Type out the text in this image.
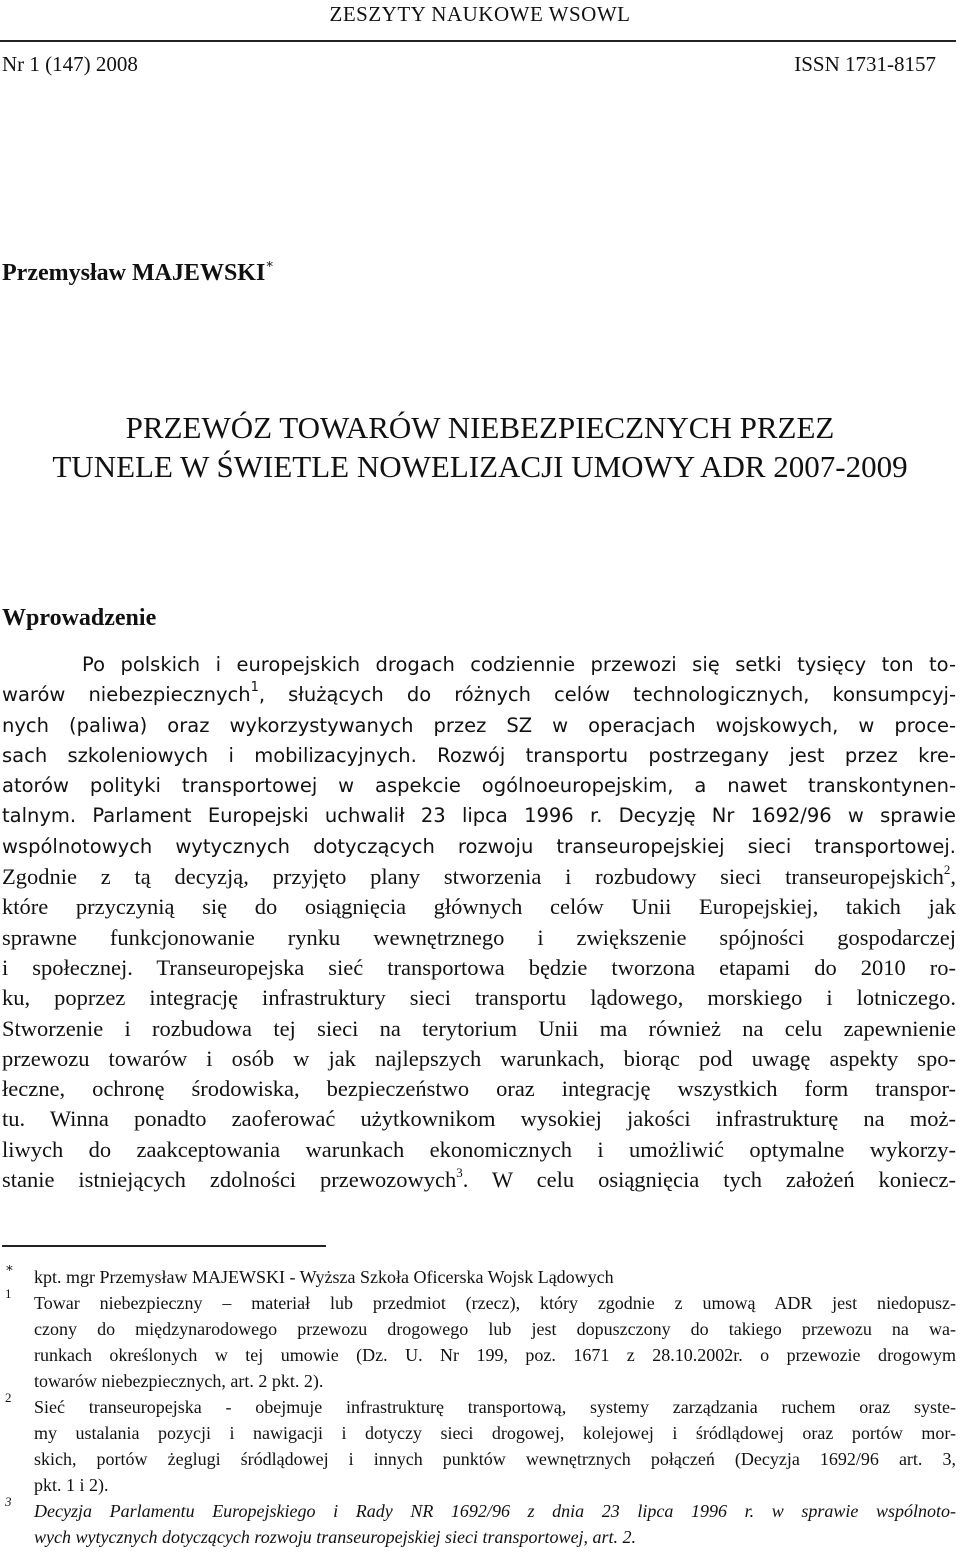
ZESZYTY NAUKOWE WSOWL
Nr 1 (147) 2008	ISSN 1731-8157
Przemysław MAJEWSKI∗
PRZEWÓZ TOWARÓW NIEBEZPIECZNYCH PRZEZ
TUNELE W ŚWIETLE NOWELIZACJI UMOWY ADR 2007-2009
Wprowadzenie
Po polskich i europejskich drogach codziennie przewozi się setki tysięcy ton to-
warów niebezpiecznych$^1$, służących do różnych celów technologicznych, konsumpcyj-
nych (paliwa) oraz wykorzystywanych przez SZ w operacjach wojskowych, w proce-
sach szkoleniowych i mobilizacyjnych. Rozwój transportu postrzegany jest przez kre-
atorów polityki transportowej w aspekcie ogólnoeuropejskim, a nawet transkontynen-
talnym. Parlament Europejski uchwalił 23 lipca 1996 r. Decyzję Nr 1692/96 w sprawie
wspólnotowych wytycznych dotyczących rozwoju transeuropejskiej sieci transportowej.
Zgodnie z tą decyzją, przyjęto plany stworzenia i rozbudowy sieci transeuropejskich$^2$,
które przyczynią się do osiągnięcia głównych celów Unii Europejskiej, takich jak
sprawne funkcjonowanie rynku wewnętrznego i zwiększenie spójności gospodarczej
i społecznej. Transeuropejska sieć transportowa będzie tworzona etapami do 2010 ro-
ku, poprzez integrację infrastruktury sieci transportu lądowego, morskiego i lotniczego.
Stworzenie i rozbudowa tej sieci na terytorium Unii ma również na celu zapewnienie
przewozu towarów i osób w jak najlepszych warunkach, biorąc pod uwagę aspekty spo-
łeczne, ochronę środowiska, bezpieczeństwo oraz integrację wszystkich form transpor-
tu. Winna ponadto zaoferować użytkownikom wysokiej jakości infrastrukturę na moż-
liwych do zaakceptowania warunkach ekonomicznych i umożliwić optymalne wykorzy-
stanie istniejących zdolności przewozowych$^3$. W celu osiągnięcia tych założeń koniecz-
∗ kpt. mgr Przemysław MAJEWSKI - Wyższa Szkoła Oficerska Wojsk Lądowych
1 Towar niebezpieczny – materiał lub przedmiot (rzecz), który zgodnie z umową ADR jest niedopusz-
czony do międzynarodowego przewozu drogowego lub jest dopuszczony do takiego przewozu na wa-
runkach określonych w tej umowie (Dz. U. Nr 199, poz. 1671 z 28.10.2002r. o przewozie drogowym
towarów niebezpiecznych, art. 2 pkt. 2).
2 Sieć transeuropejska - obejmuje infrastrukturę transportową, systemy zarządzania ruchem oraz syste-
my ustalania pozycji i nawigacji i dotyczy sieci drogowej, kolejowej i śródlądowej oraz portów mor-
skich, portów żeglugi śródlądowej i innych punktów wewnętrznych połączeń (Decyzja 1692/96 art. 3,
pkt. 1 i 2).
3 Decyzja Parlamentu Europejskiego i Rady NR 1692/96 z dnia 23 lipca 1996 r. w sprawie wspólnoto-
wych wytycznych dotyczących rozwoju transeuropejskiej sieci transportowej, art. 2.
